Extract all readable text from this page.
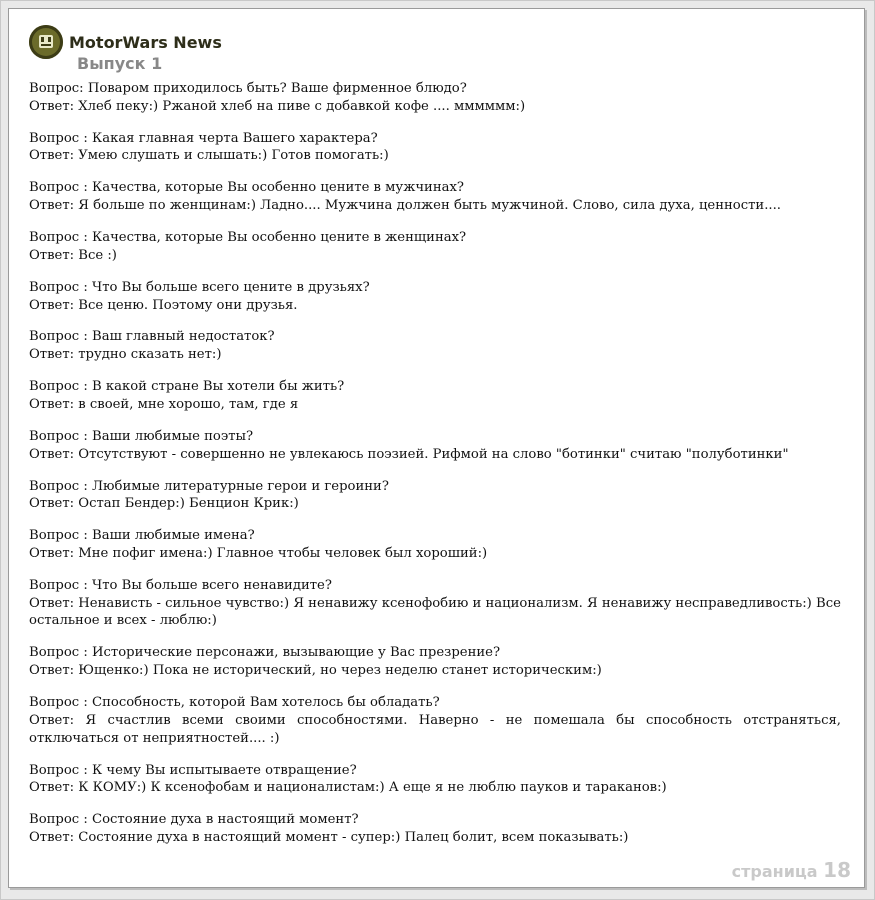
MotorWars News
Выпуск 1

Вопрос: Поваром приходилось быть? Ваше фирменное блюдо?

Ответ: Хлеб пеку:) Ржаной хлеб на пиве с добавкой кофе .... мммммм:)

Вопрос : Какая главная черта Вашего характера?

Ответ: Умею слушать и слышать:) Готов помогать:)

Вопрос : Качества, которые Вы особенно цените в мужчинах?

Ответ: Я больше по женщинам:) Ладно.... Мужчина должен быть мужчиной. Слово, сила духа, ценности....

Вопрос : Качества, которые Вы особенно цените в женщинах?

Ответ: Все :)

Вопрос : Что Вы больше всего цените в друзьях?

Ответ: Все ценю. Поэтому они друзья.

Вопрос : Ваш главный недостаток?

Ответ: трудно сказать нет:)

Вопрос : В какой стране Вы хотели бы жить?

Ответ: в своей, мне хорошо, там, где я

Вопрос : Ваши любимые поэты?

Ответ: Отсутствуют - совершенно не увлекаюсь поэзией. Рифмой на слово "ботинки" считаю "полуботинки"

Вопрос : Любимые литературные герои и героини?

Ответ: Остап Бендер:) Бенцион Крик:)

Вопрос : Ваши любимые имена?

Ответ: Мне пофиг имена:) Главное чтобы человек был хороший:)

Вопрос : Что Вы больше всего ненавидите?

Ответ: Ненависть - сильное чувство:) Я ненавижу ксенофобию и национализм. Я ненавижу несправедливость:) Все остальное и всех - люблю:)

Вопрос : Исторические персонажи, вызывающие у Вас презрение?

Ответ: Ющенко:) Пока не исторический, но через неделю станет историческим:)

Вопрос : Способность, которой Вам хотелось бы обладать?

Ответ: Я счастлив всеми своими способностями. Наверно - не помешала бы способность отстраняться, отключаться от неприятностей.... :)

Вопрос : К чему Вы испытываете отвращение?

Ответ: К КОМУ:) К ксенофобам и националистам:) А еще я не люблю пауков и тараканов:)

Вопрос : Состояние духа в настоящий момент?

Ответ: Состояние духа в настоящий момент - супер:) Палец болит, всем показывать:)

страница 18
